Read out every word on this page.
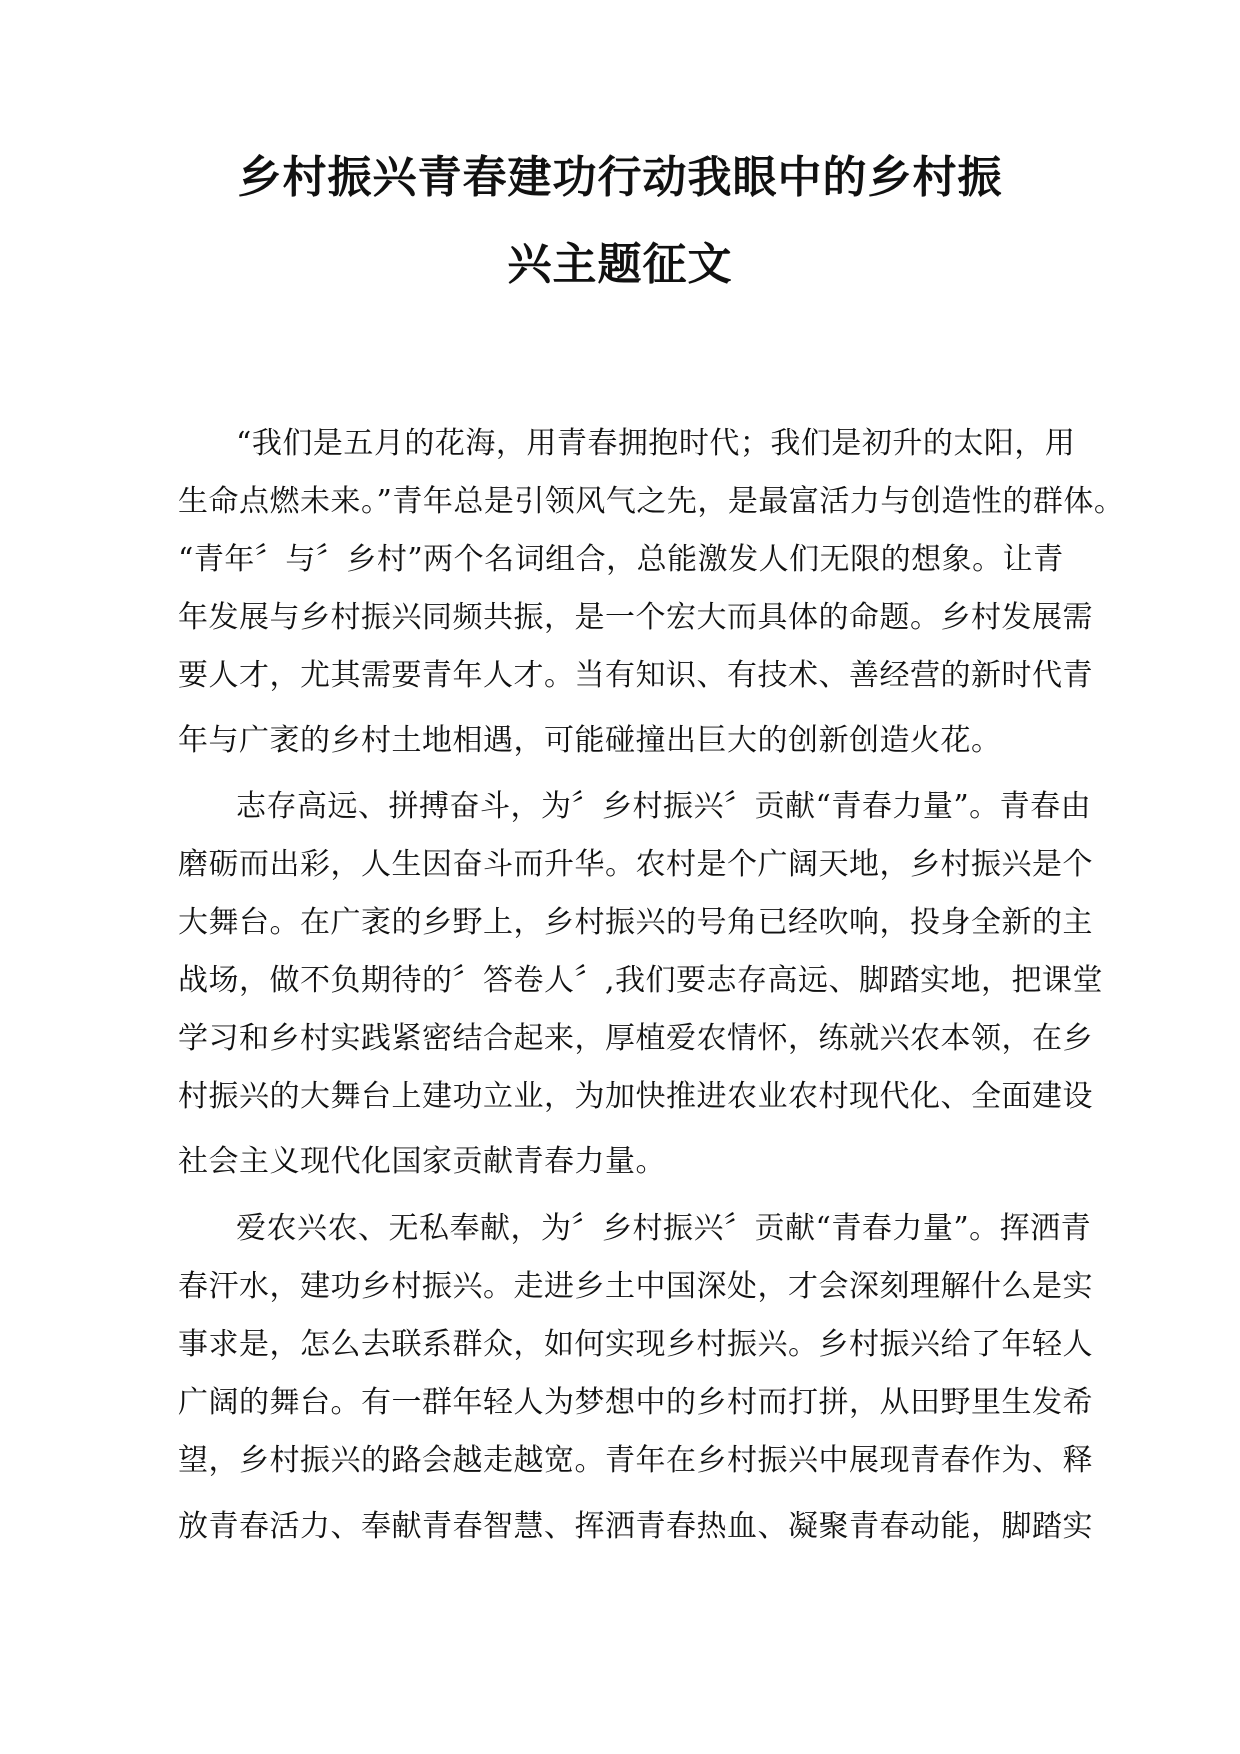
乡村振兴青春建功行动我眼中的乡村振
兴主题征文
“我们是五月的花海，用青春拥抱时代；我们是初升的太阳，用
生命点燃未来。”青年总是引领风气之先，是最富活力与创造性的群体。
“青年〞与〞乡村”两个名词组合，总能激发人们无限的想象。让青
年发展与乡村振兴同频共振，是一个宏大而具体的命题。乡村发展需
要人才，尤其需要青年人才。当有知识、有技术、善经营的新时代青
年与广袤的乡村土地相遇，可能碰撞出巨大的创新创造火花。
志存高远、拼搏奋斗，为〞乡村振兴〞贡献“青春力量”。青春由
磨砺而出彩，人生因奋斗而升华。农村是个广阔天地，乡村振兴是个
大舞台。在广袤的乡野上，乡村振兴的号角已经吹响，投身全新的主
战场，做不负期待的〞答卷人〞,我们要志存高远、脚踏实地，把课堂
学习和乡村实践紧密结合起来，厚植爱农情怀，练就兴农本领，在乡
村振兴的大舞台上建功立业，为加快推进农业农村现代化、全面建设
社会主义现代化国家贡献青春力量。
爱农兴农、无私奉献，为〞乡村振兴〞贡献“青春力量”。挥洒青
春汗水，建功乡村振兴。走进乡土中国深处，才会深刻理解什么是实
事求是，怎么去联系群众，如何实现乡村振兴。乡村振兴给了年轻人
广阔的舞台。有一群年轻人为梦想中的乡村而打拼，从田野里生发希
望，乡村振兴的路会越走越宽。青年在乡村振兴中展现青春作为、释
放青春活力、奉献青春智慧、挥洒青春热血、凝聚青春动能，脚踏实
